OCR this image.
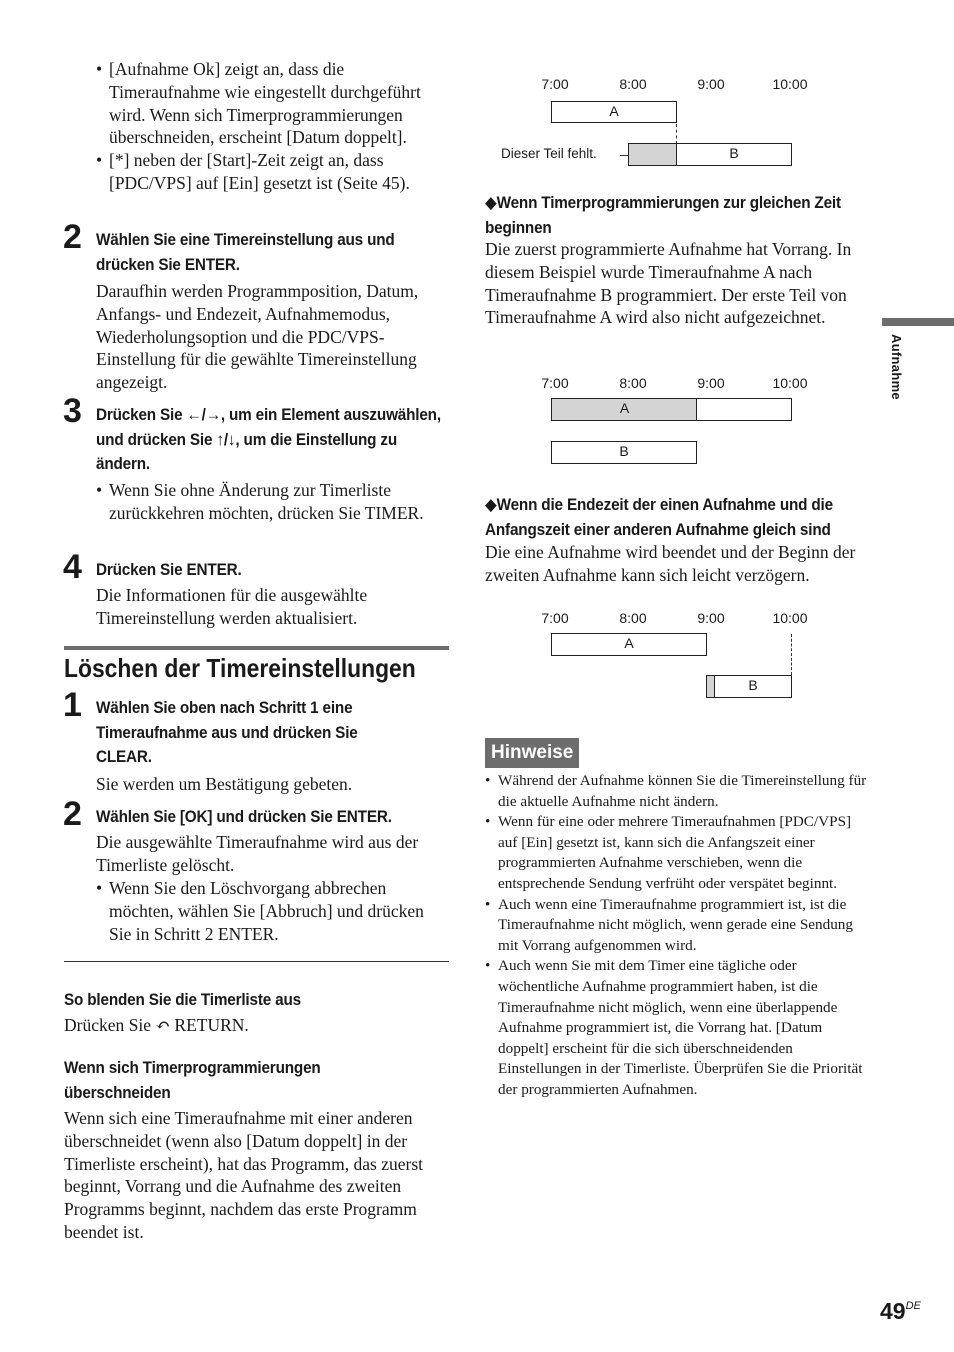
• [Aufnahme Ok] zeigt an, dass die Timeraufnahme wie eingestellt durchgeführt wird. Wenn sich Timerprogrammierungen überschneiden, erscheint [Datum doppelt].
• [*] neben der [Start]-Zeit zeigt an, dass [PDC/VPS] auf [Ein] gesetzt ist (Seite 45).
2 Wählen Sie eine Timereinstellung aus und drücken Sie ENTER.
Daraufhin werden Programmposition, Datum, Anfangs- und Endezeit, Aufnahmemodus, Wiederholungsoption und die PDC/VPS-Einstellung für die gewählte Timereinstellung angezeigt.
3 Drücken Sie ←/→, um ein Element auszuwählen, und drücken Sie ↑/↓, um die Einstellung zu ändern.
• Wenn Sie ohne Änderung zur Timerliste zurückkehren möchten, drücken Sie TIMER.
4 Drücken Sie ENTER.
Die Informationen für die ausgewählte Timereinstellung werden aktualisiert.
Löschen der Timereinstellungen
1 Wählen Sie oben nach Schritt 1 eine Timeraufnahme aus und drücken Sie CLEAR.
Sie werden um Bestätigung gebeten.
2 Wählen Sie [OK] und drücken Sie ENTER.
Die ausgewählte Timeraufnahme wird aus der Timerliste gelöscht.
• Wenn Sie den Löschvorgang abbrechen möchten, wählen Sie [Abbruch] und drücken Sie in Schritt 2 ENTER.
So blenden Sie die Timerliste aus
Drücken Sie ↶ RETURN.
Wenn sich Timerprogrammierungen überschneiden
Wenn sich eine Timeraufnahme mit einer anderen überschneidet (wenn also [Datum doppelt] in der Timerliste erscheint), hat das Programm, das zuerst beginnt, Vorrang und die Aufnahme des zweiten Programms beginnt, nachdem das erste Programm beendet ist.
7:00	8:00	9:00	10:00
A
Dieser Teil fehlt.	B
◆Wenn Timerprogrammierungen zur gleichen Zeit beginnen
Die zuerst programmierte Aufnahme hat Vorrang. In diesem Beispiel wurde Timeraufnahme A nach Timeraufnahme B programmiert. Der erste Teil von Timeraufnahme A wird also nicht aufgezeichnet.
7:00	8:00	9:00	10:00
A
B
◆Wenn die Endezeit der einen Aufnahme und die Anfangszeit einer anderen Aufnahme gleich sind
Die eine Aufnahme wird beendet und der Beginn der zweiten Aufnahme kann sich leicht verzögern.
7:00	8:00	9:00	10:00
A
B
Hinweise
• Während der Aufnahme können Sie die Timereinstellung für die aktuelle Aufnahme nicht ändern.
• Wenn für eine oder mehrere Timeraufnahmen [PDC/VPS] auf [Ein] gesetzt ist, kann sich die Anfangszeit einer programmierten Aufnahme verschieben, wenn die entsprechende Sendung verfrüht oder verspätet beginnt.
• Auch wenn eine Timeraufnahme programmiert ist, ist die Timeraufnahme nicht möglich, wenn gerade eine Sendung mit Vorrang aufgenommen wird.
• Auch wenn Sie mit dem Timer eine tägliche oder wöchentliche Aufnahme programmiert haben, ist die Timeraufnahme nicht möglich, wenn eine überlappende Aufnahme programmiert ist, die Vorrang hat. [Datum doppelt] erscheint für die sich überschneidenden Einstellungen in der Timerliste. Überprüfen Sie die Priorität der programmierten Aufnahmen.
Aufnahme
49DE
